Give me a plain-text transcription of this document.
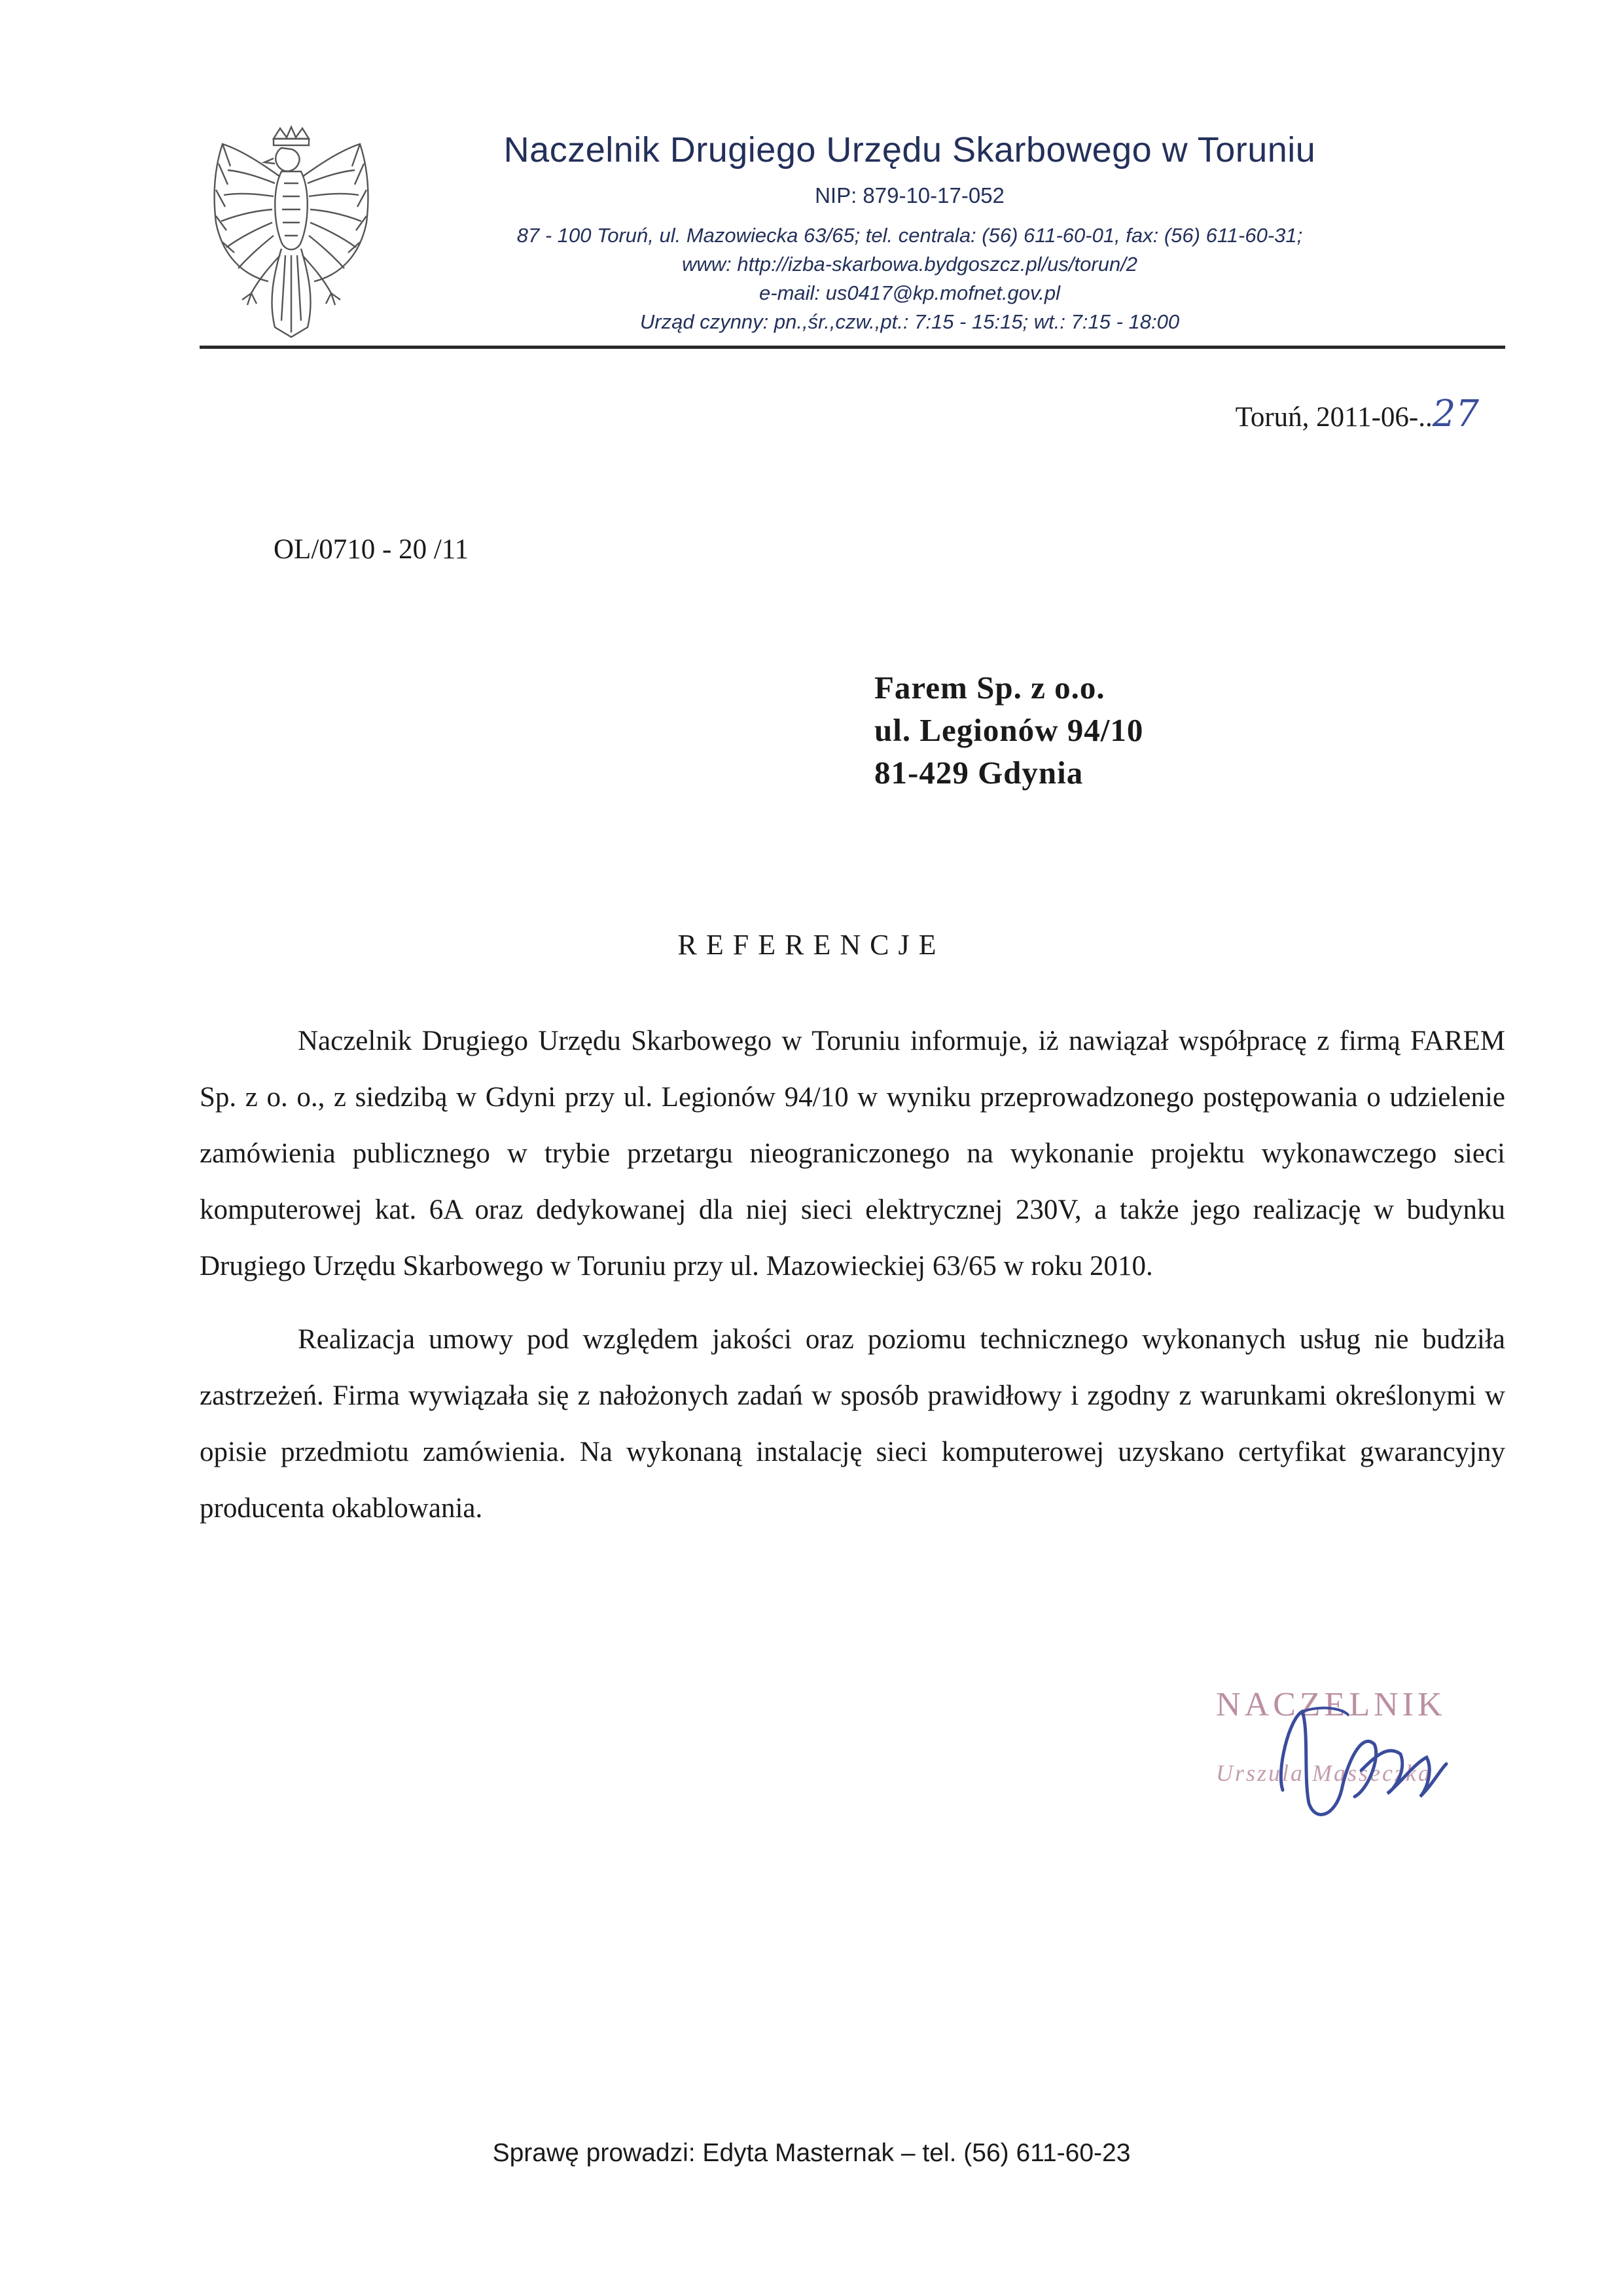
Naczelnik Drugiego Urzędu Skarbowego w Toruniu
NIP: 879-10-17-052
87 - 100 Toruń, ul. Mazowiecka 63/65; tel. centrala: (56) 611-60-01, fax: (56) 611-60-31;
www: http://izba-skarbowa.bydgoszcz.pl/us/torun/2
e-mail: us0417@kp.mofnet.gov.pl
Urząd czynny: pn.,śr.,czw.,pt.: 7:15 - 15:15; wt.: 7:15 - 18:00
Toruń, 2011-06-..27
OL/0710 - 20 /11
Farem Sp. z o.o.
ul. Legionów 94/10
81-429 Gdynia
REFERENCJE

Naczelnik Drugiego Urzędu Skarbowego w Toruniu informuje, iż nawiązał współpracę z firmą FAREM Sp. z o. o., z siedzibą w Gdyni przy ul. Legionów 94/10 w wyniku przeprowadzonego postępowania o udzielenie zamówienia publicznego w trybie przetargu nieograniczonego na wykonanie projektu wykonawczego sieci komputerowej kat. 6A oraz dedykowanej dla niej sieci elektrycznej 230V, a także jego realizację w budynku Drugiego Urzędu Skarbowego w Toruniu przy ul. Mazowieckiej 63/65 w roku 2010.

Realizacja umowy pod względem jakości oraz poziomu technicznego wykonanych usług nie budziła zastrzeżeń. Firma wywiązała się z nałożonych zadań w sposób prawidłowy i zgodny z warunkami określonymi w opisie przedmiotu zamówienia. Na wykonaną instalację sieci komputerowej uzyskano certyfikat gwarancyjny producenta okablowania.

NACZELNIK
Urszula Masseczka
Sprawę prowadzi: Edyta Masternak – tel. (56) 611-60-23
